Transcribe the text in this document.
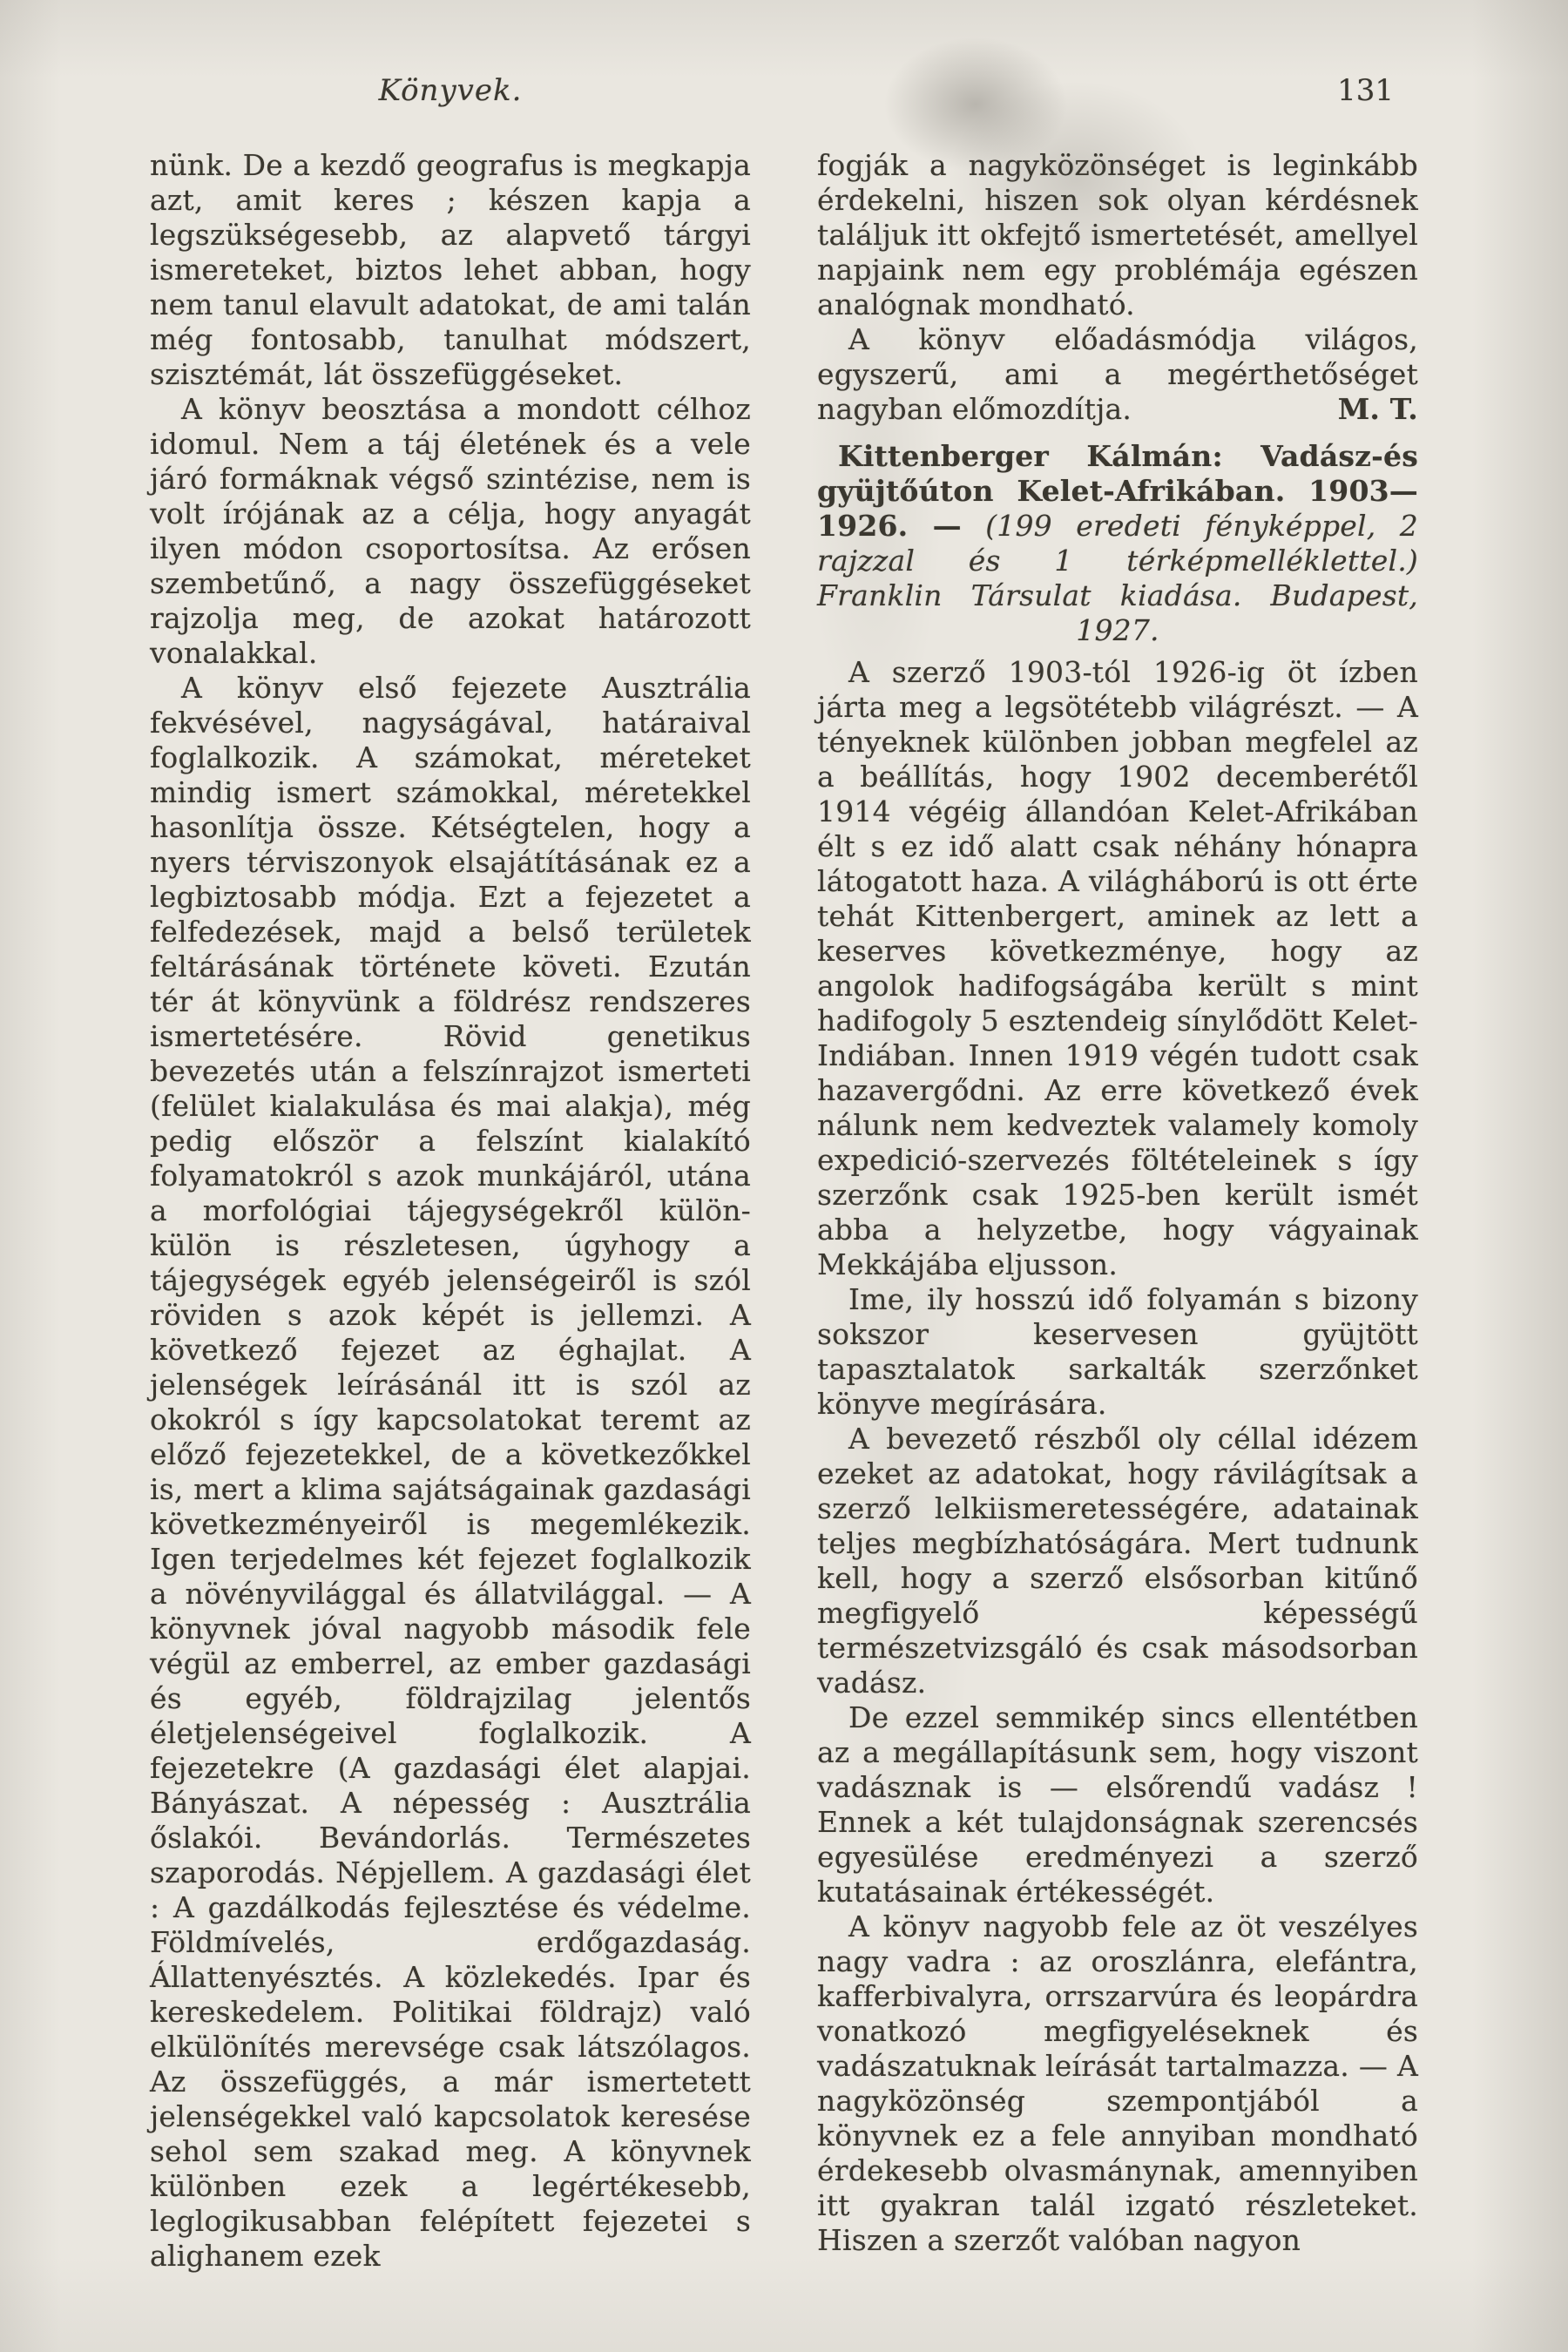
Könyvek.	131

nünk. De a kezdő geografus is megkapja azt, amit keres ; készen kapja a legszükségesebb, az alapvető tárgyi ismereteket, biztos lehet abban, hogy nem tanul elavult adatokat, de ami talán még fontosabb, tanulhat módszert, szisztémát, lát összefüggéseket.

A könyv beosztása a mondott célhoz idomul. Nem a táj életének és a vele járó formáknak végső szintézise, nem is volt írójának az a célja, hogy anyagát ilyen módon csoportosítsa. Az erősen szembetűnő, a nagy összefüggéseket rajzolja meg, de azokat határozott vonalakkal.

A könyv első fejezete Ausztrália fekvésével, nagyságával, határaival foglalkozik. A számokat, méreteket mindig ismert számokkal, méretekkel hasonlítja össze. Kétségtelen, hogy a nyers térviszonyok elsajátításának ez a legbiztosabb módja. Ezt a fejezetet a felfedezések, majd a belső területek feltárásának története követi. Ezután tér át könyvünk a földrész rendszeres ismertetésére. Rövid genetikus bevezetés után a felszínrajzot ismerteti (felület kialakulása és mai alakja), még pedig először a felszínt kialakító folyamatokról s azok munkájáról, utána a morfológiai tájegységekről külön-külön is részletesen, úgyhogy a tájegységek egyéb jelenségeiről is szól röviden s azok képét is jellemzi. A következő fejezet az éghajlat. A jelenségek leírásánál itt is szól az okokról s így kapcsolatokat teremt az előző fejezetekkel, de a következőkkel is, mert a klima sajátságainak gazdasági következményeiről is megemlékezik. Igen terjedelmes két fejezet foglalkozik a növényvilággal és állatvilággal. — A könyvnek jóval nagyobb második fele végül az emberrel, az ember gazdasági és egyéb, földrajzilag jelentős életjelenségeivel foglalkozik. A fejezetekre (A gazdasági élet alapjai. Bányászat. A népesség : Ausztrália őslakói. Bevándorlás. Természetes szaporodás. Népjellem. A gazdasági élet : A gazdálkodás fejlesztése és védelme. Földmívelés, erdőgazdaság. Állattenyésztés. A közlekedés. Ipar és kereskedelem. Politikai földrajz) való elkülönítés merevsége csak látszólagos. Az összefüggés, a már ismertetett jelenségekkel való kapcsolatok keresése sehol sem szakad meg. A könyvnek különben ezek a legértékesebb, leglogikusabban felépített fejezetei s alighanem ezek

fogják a nagyközönséget is leginkább érdekelni, hiszen sok olyan kérdésnek találjuk itt okfejtő ismertetését, amellyel napjaink nem egy problémája egészen analógnak mondható.

A könyv előadásmódja világos, egyszerű, ami a megérthetőséget nagyban előmozdítja.	M. T.

Kittenberger Kálmán: Vadász-és gyüjtőúton Kelet-Afrikában. 1903—1926. — (199 eredeti fényképpel, 2 rajzzal és 1 térképmelléklettel.) Franklin Társulat kiadása. Budapest, 1927.

A szerző 1903-tól 1926-ig öt ízben járta meg a legsötétebb világrészt. — A tényeknek különben jobban megfelel az a beállítás, hogy 1902 decemberétől 1914 végéig állandóan Kelet-Afrikában élt s ez idő alatt csak néhány hónapra látogatott haza. A világháború is ott érte tehát Kittenbergert, aminek az lett a keserves következménye, hogy az angolok hadifogságába került s mint hadifogoly 5 esztendeig sínylődött Kelet-Indiában. Innen 1919 végén tudott csak hazavergődni. Az erre következő évek nálunk nem kedveztek valamely komoly expedició-szervezés föltételeinek s így szerzőnk csak 1925-ben került ismét abba a helyzetbe, hogy vágyainak Mekkájába eljusson.

Ime, ily hosszú idő folyamán s bizony sokszor keservesen gyüjtött tapasztalatok sarkalták szerzőnket könyve megírására.

A bevezető részből oly céllal idézem ezeket az adatokat, hogy rávilágítsak a szerző lelkiismeretességére, adatainak teljes megbízhatóságára. Mert tudnunk kell, hogy a szerző elsősorban kitűnő megfigyelő képességű természetvizsgáló és csak másodsorban vadász.

De ezzel semmikép sincs ellentétben az a megállapításunk sem, hogy viszont vadásznak is — elsőrendű vadász ! Ennek a két tulajdonságnak szerencsés egyesülése eredményezi a szerző kutatásainak értékességét.

A könyv nagyobb fele az öt veszélyes nagy vadra : az oroszlánra, elefántra, kafferbivalyra, orrszarvúra és leopárdra vonatkozó megfigyeléseknek és vadászatuknak leírását tartalmazza. — A nagyközönség szempontjából a könyvnek ez a fele annyiban mondható érdekesebb olvasmánynak, amennyiben itt gyakran talál izgató részleteket. Hiszen a szerzőt valóban nagyon
